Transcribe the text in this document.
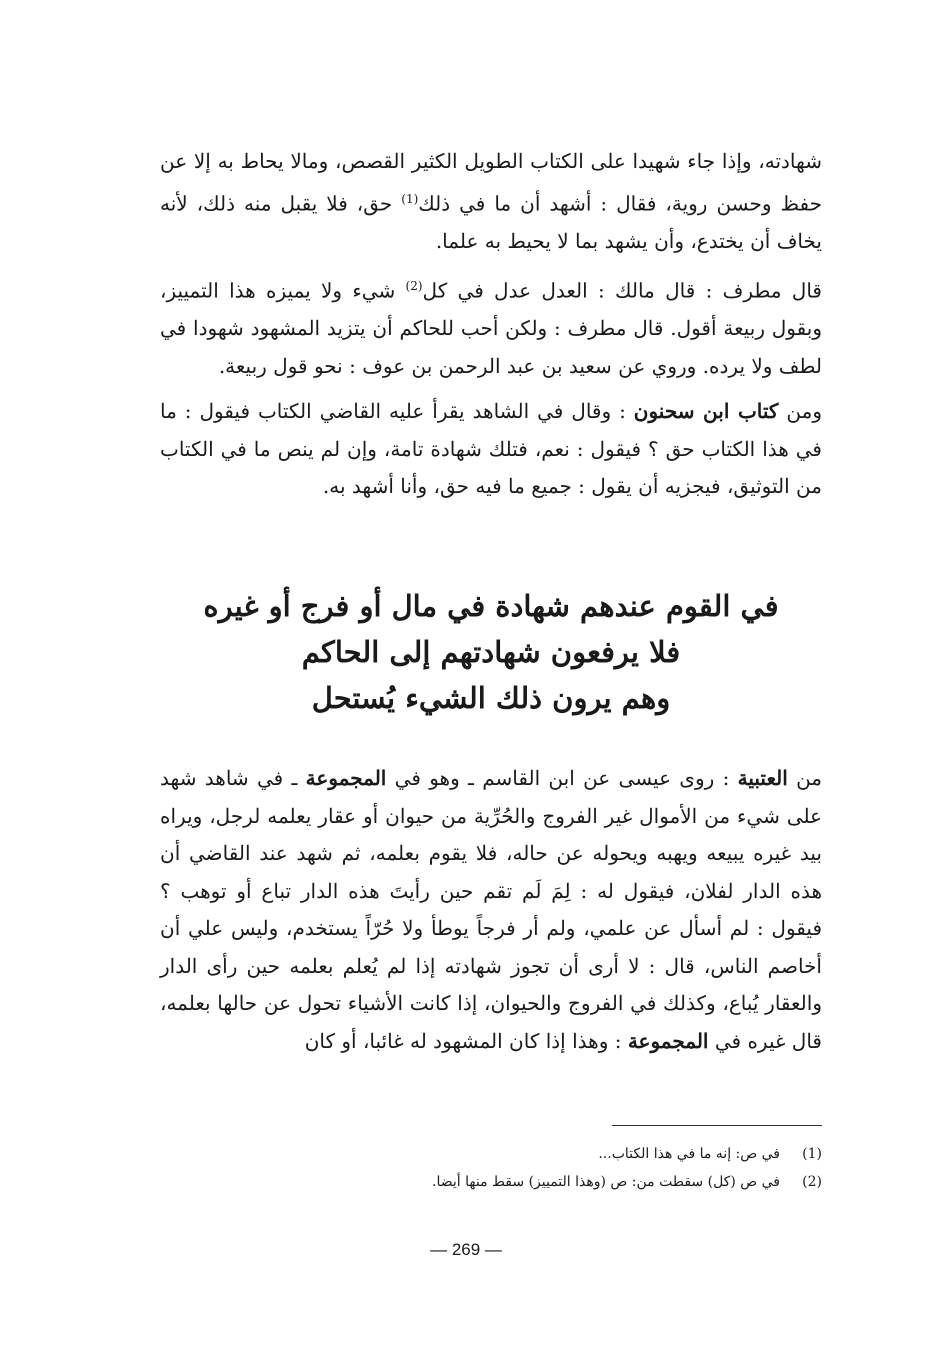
شهادته، وإذا جاء شهيدا على الكتاب الطويل الكثير القصص، ومالا يحاط به إلا عن حفظ وحسن روية، فقال : أشهد أن ما في ذلك$^{(1)}$ حق، فلا يقبل منه ذلك، لأنه يخاف أن يختدع، وأن يشهد بما لا يحيط به علما.

قال مطرف : قال مالك : العدل عدل في كل$^{(2)}$ شيء ولا يميزه هذا التمييز، وبقول ربيعة أقول. قال مطرف : ولكن أحب للحاكم أن يتزيد المشهود شهودا في لطف ولا يرده. وروي عن سعيد بن عبد الرحمن بن عوف : نحو قول ربيعة.

ومن كتاب ابن سحنون : وقال في الشاهد يقرأ عليه القاضي الكتاب فيقول : ما في هذا الكتاب حق ؟ فيقول : نعم، فتلك شهادة تامة، وإن لم ينص ما في الكتاب من التوثيق، فيجزيه أن يقول : جميع ما فيه حق، وأنا أشهد به.

في القوم عندهم شهادة في مال أو فرج أو غيره
فلا يرفعون شهادتهم إلى الحاكم
وهم يرون ذلك الشيء يُستحل

من العتبية : روى عيسى عن ابن القاسم ـ وهو في المجموعة ـ في شاهد شهد على شيء من الأموال غير الفروج والحُرِّية من حيوان أو عقار يعلمه لرجل، ويراه بيد غيره يبيعه ويهبه ويحوله عن حاله، فلا يقوم بعلمه، ثم شهد عند القاضي أن هذه الدار لفلان، فيقول له : لِمَ لَم تقم حين رأيتَ هذه الدار تباع أو توهب ؟ فيقول : لم أسأل عن علمي، ولم أر فرجاً يوطأ ولا حُرّاً يستخدم، وليس علي أن أخاصم الناس، قال : لا أرى أن تجوز شهادته إذا لم يُعلم بعلمه حين رأى الدار والعقار يُباع، وكذلك في الفروج والحيوان، إذا كانت الأشياء تحول عن حالها بعلمه، قال غيره في المجموعة : وهذا إذا كان المشهود له غائبا، أو كان

(1)
في ص: إنه ما في هذا الكتاب...
(2)
في ص (كل) سقطت من: ص (وهذا التمييز) سقط منها أيضا.
— 269 —
